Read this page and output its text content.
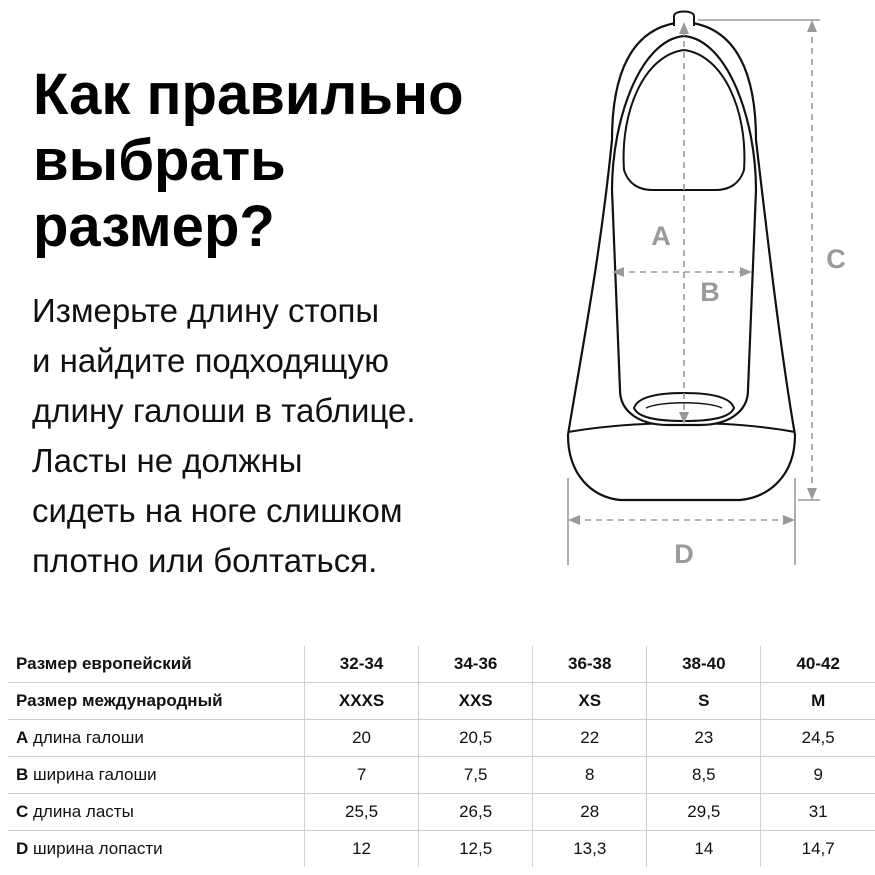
Как правильно
выбрать
размер?

Измерьте длину стопы
и найдите подходящую
длину галоши в таблице.
Ласты не должны
сидеть на ноге слишком
плотно или болтаться.

A
B
C
D
Размер европейский	32-34	34-36	36-38	38-40	40-42
Размер международный	XXXS	XXS	XS	S	M
A длина галоши	20	20,5	22	23	24,5
B ширина галоши	7	7,5	8	8,5	9
C длина ласты	25,5	26,5	28	29,5	31
D ширина лопасти	12	12,5	13,3	14	14,7
